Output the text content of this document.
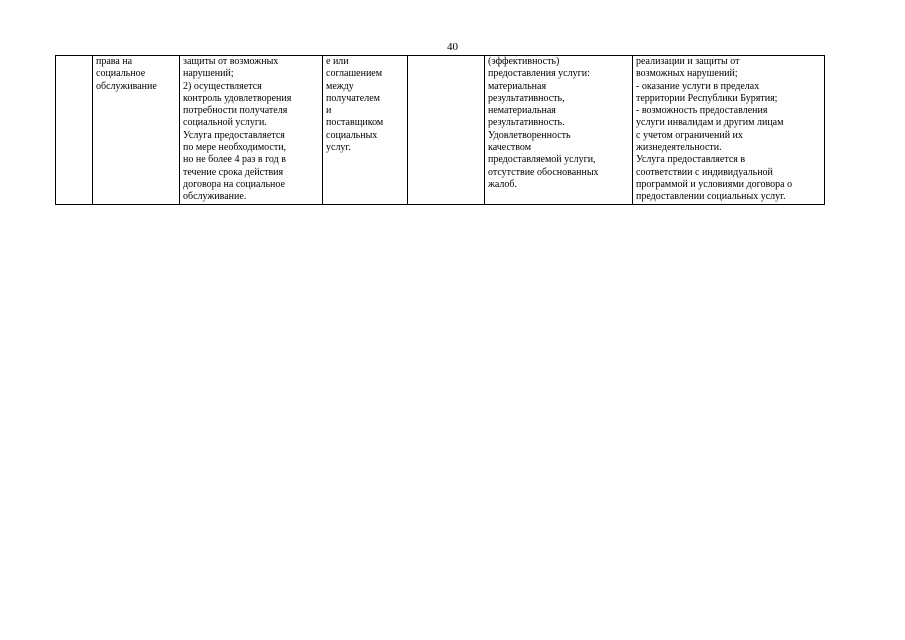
40
	права на
социальное
обслуживание	защиты от возможных
нарушений;
2) осуществляется
контроль удовлетворения
потребности получателя
социальной услуги.
Услуга предоставляется
по мере необходимости,
но не более 4 раз в год в
течение срока действия
договора на социальное
обслуживание.	е или
соглашением
между
получателем
и
поставщиком
социальных
услуг.		(эффективность)
предоставления услуги:
материальная
результативность,
нематериальная
результативность.
Удовлетворенность
качеством
предоставляемой услуги,
отсутствие обоснованных
жалоб.	реализации и защиты от
возможных нарушений;
- оказание услуги в пределах
территории Республики Бурятия;
- возможность предоставления
услуги инвалидам и другим лицам
с учетом ограничений их
жизнедеятельности.
Услуга предоставляется в
соответствии с индивидуальной
программой и условиями договора о
предоставлении социальных услуг.
